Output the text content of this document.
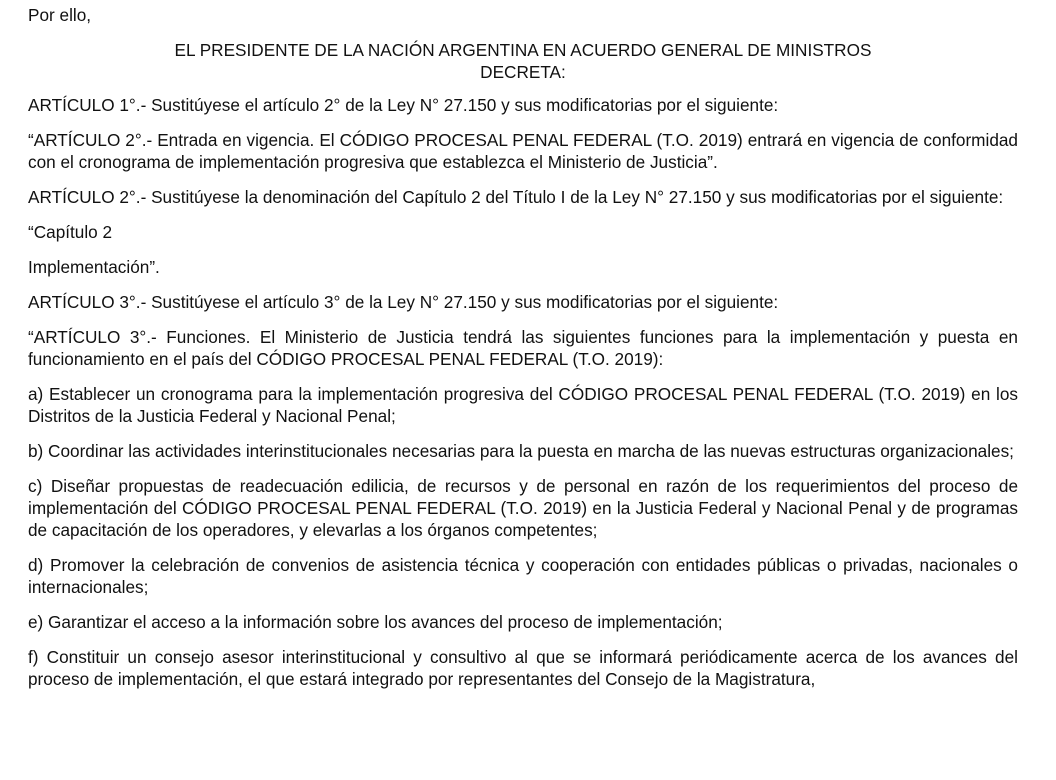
Por ello,

EL PRESIDENTE DE LA NACIÓN ARGENTINA EN ACUERDO GENERAL DE MINISTROS
DECRETA:

ARTÍCULO 1°.- Sustitúyese el artículo 2° de la Ley N° 27.150 y sus modificatorias por el siguiente:

“ARTÍCULO 2°.- Entrada en vigencia. El CÓDIGO PROCESAL PENAL FEDERAL (T.O. 2019) entrará en vigencia de conformidad con el cronograma de implementación progresiva que establezca el Ministerio de Justicia”.

ARTÍCULO 2°.- Sustitúyese la denominación del Capítulo 2 del Título I de la Ley N° 27.150 y sus modificatorias por el siguiente:

“Capítulo 2

Implementación”.

ARTÍCULO 3°.- Sustitúyese el artículo 3° de la Ley N° 27.150 y sus modificatorias por el siguiente:

“ARTÍCULO 3°.- Funciones. El Ministerio de Justicia tendrá las siguientes funciones para la implementación y puesta en funcionamiento en el país del CÓDIGO PROCESAL PENAL FEDERAL (T.O. 2019):

a) Establecer un cronograma para la implementación progresiva del CÓDIGO PROCESAL PENAL FEDERAL (T.O. 2019) en los Distritos de la Justicia Federal y Nacional Penal;

b) Coordinar las actividades interinstitucionales necesarias para la puesta en marcha de las nuevas estructuras organizacionales;

c) Diseñar propuestas de readecuación edilicia, de recursos y de personal en razón de los requerimientos del proceso de implementación del CÓDIGO PROCESAL PENAL FEDERAL (T.O. 2019) en la Justicia Federal y Nacional Penal y de programas de capacitación de los operadores, y elevarlas a los órganos competentes;

d) Promover la celebración de convenios de asistencia técnica y cooperación con entidades públicas o privadas, nacionales o internacionales;

e) Garantizar el acceso a la información sobre los avances del proceso de implementación;

f) Constituir un consejo asesor interinstitucional y consultivo al que se informará periódicamente acerca de los avances del proceso de implementación, el que estará integrado por representantes del Consejo de la Magistratura,
